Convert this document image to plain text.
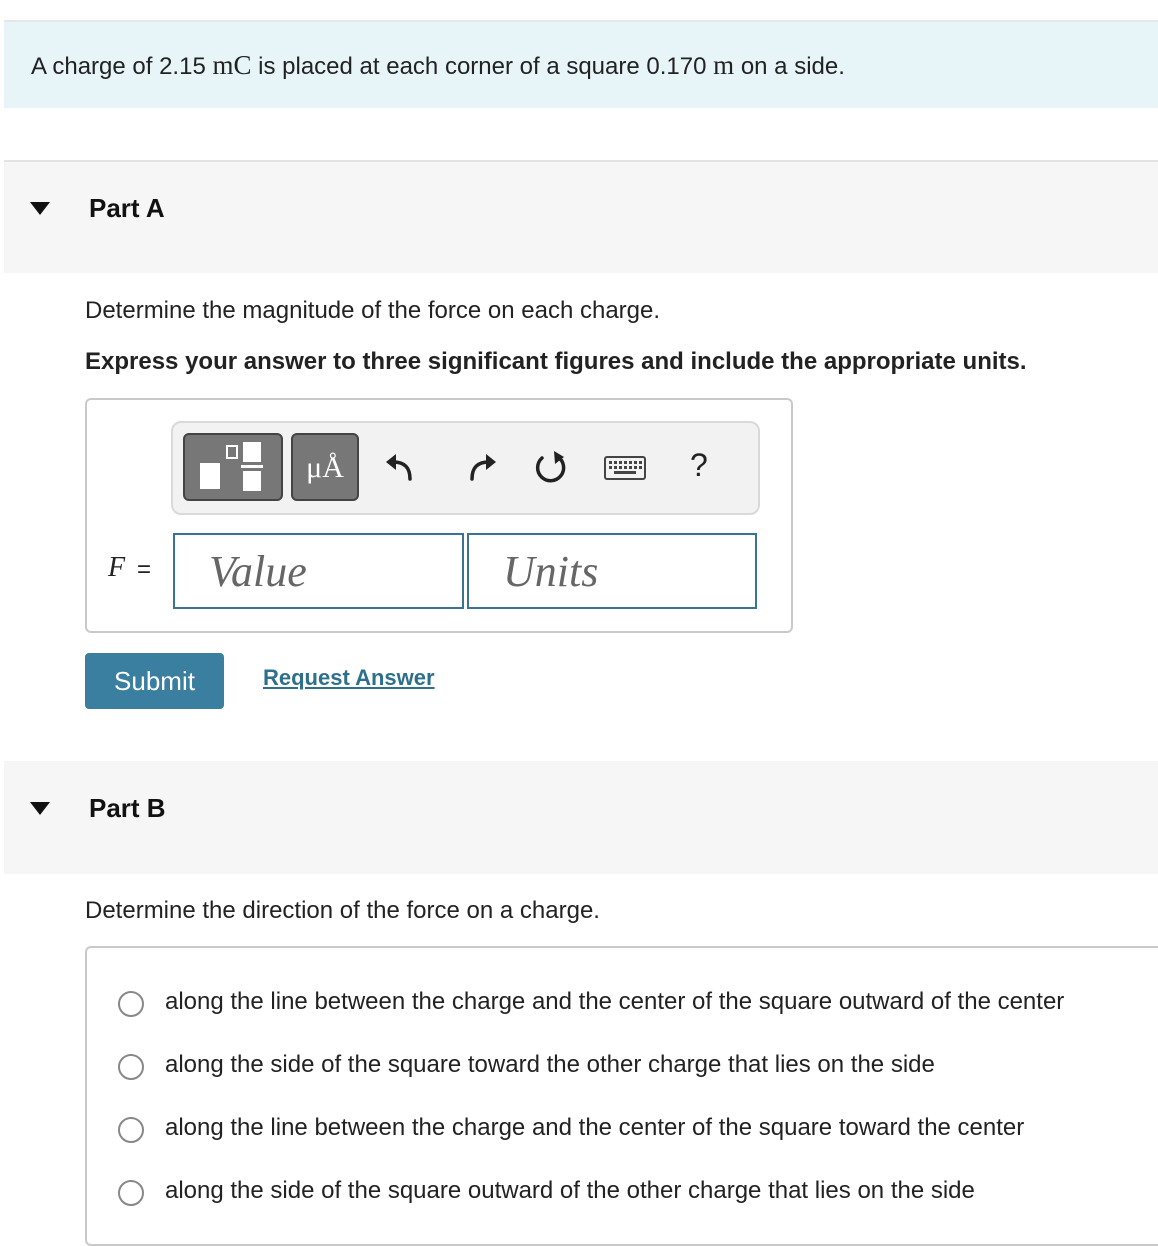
A charge of 2.15 mC is placed at each corner of a square 0.170 m on a side.
Part A
Determine the magnitude of the force on each charge.
Express your answer to three significant figures and include the appropriate units.
μÅ	?
F =
Value
Units
Submit	Request Answer
Part B
Determine the direction of the force on a charge.
along the line between the charge and the center of the square outward of the center
along the side of the square toward the other charge that lies on the side
along the line between the charge and the center of the square toward the center
along the side of the square outward of the other charge that lies on the side
